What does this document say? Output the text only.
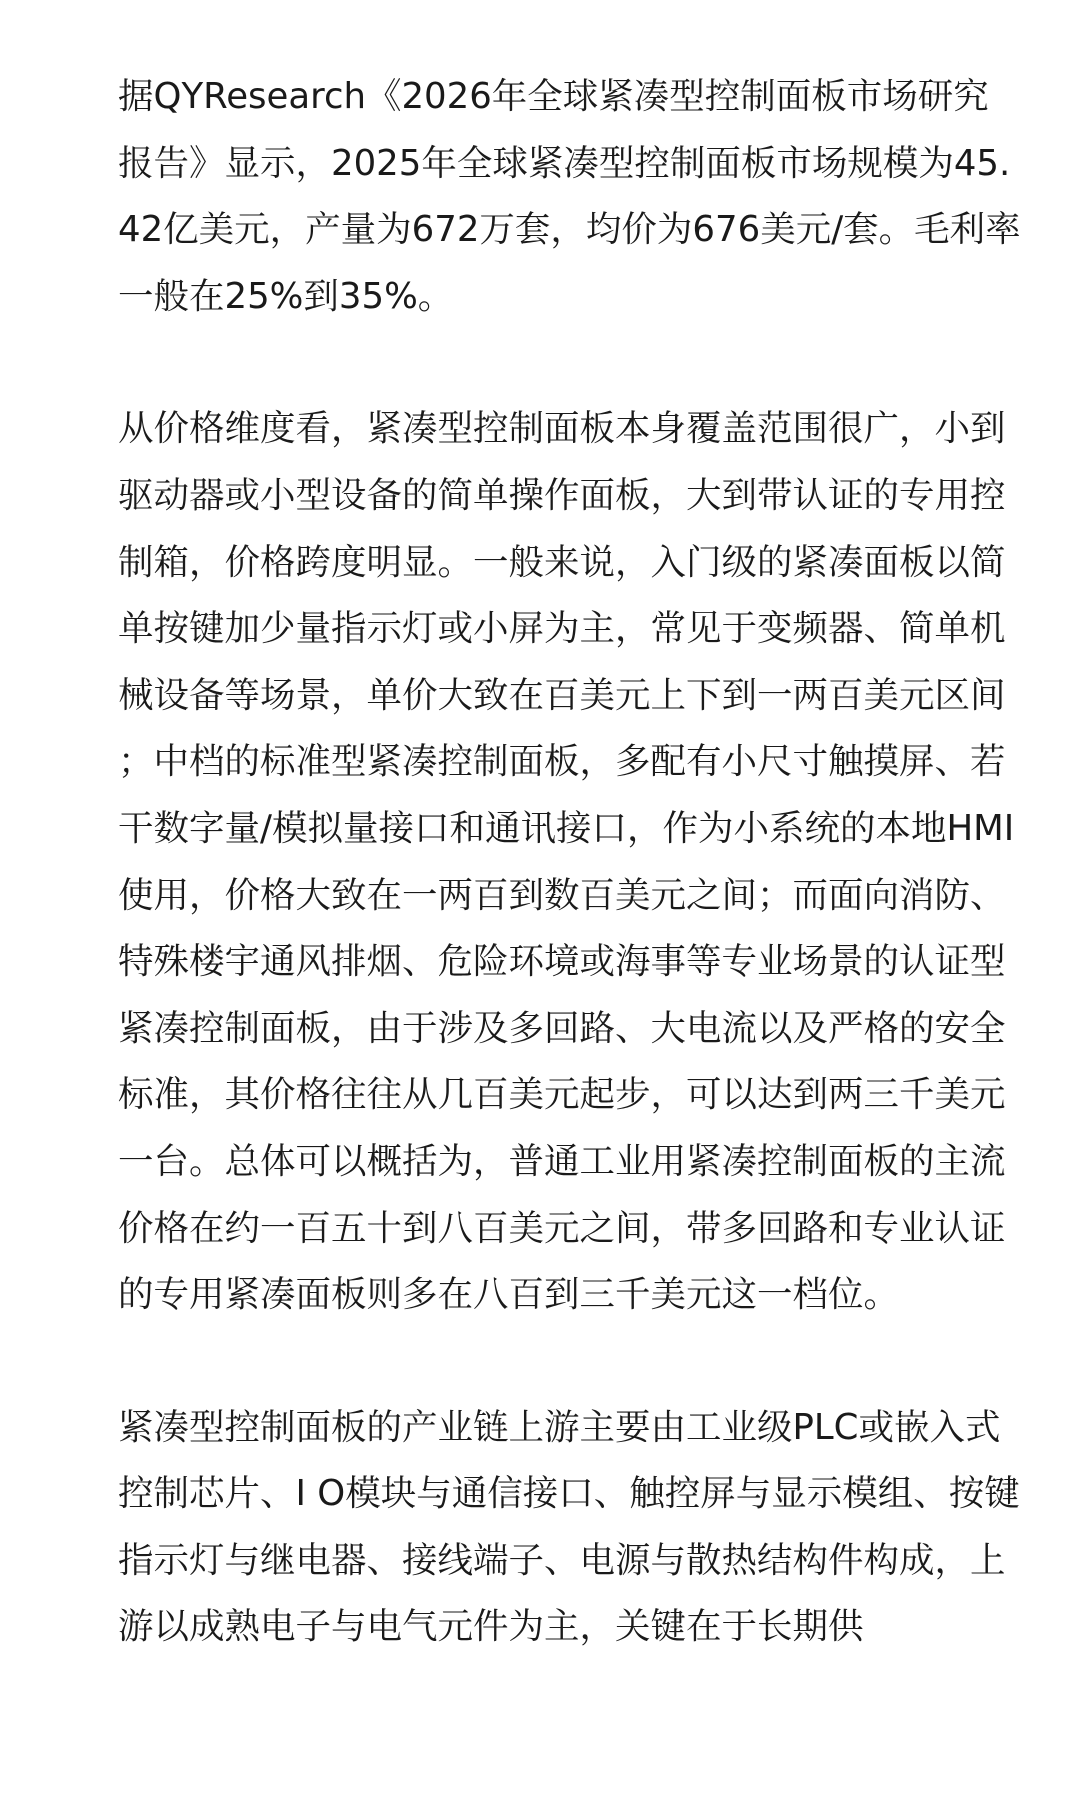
据QYResearch《2026年全球紧凑型控制面板市场研究报告》显示，2025年全球紧凑型控制面板市场规模为45.42亿美元，产量为672万套，均价为676美元/套。毛利率一般在25%到35%。

从价格维度看，紧凑型控制面板本身覆盖范围很广，小到驱动器或小型设备的简单操作面板，大到带认证的专用控制箱，价格跨度明显。一般来说，入门级的紧凑面板以简单按键加少量指示灯或小屏为主，常见于变频器、简单机械设备等场景，单价大致在百美元上下到一两百美元区间；中档的标准型紧凑控制面板，多配有小尺寸触摸屏、若干数字量/模拟量接口和通讯接口，作为小系统的本地HMI使用，价格大致在一两百到数百美元之间；而面向消防、特殊楼宇通风排烟、危险环境或海事等专业场景的认证型紧凑控制面板，由于涉及多回路、大电流以及严格的安全标准，其价格往往从几百美元起步，可以达到两三千美元一台。总体可以概括为，普通工业用紧凑控制面板的主流价格在约一百五十到八百美元之间，带多回路和专业认证的专用紧凑面板则多在八百到三千美元这一档位。

紧凑型控制面板的产业链上游主要由工业级PLC或嵌入式控制芯片、I O模块与通信接口、触控屏与显示模组、按键指示灯与继电器、接线端子、电源与散热结构件构成，上游以成熟电子与电气元件为主，关键在于长期供
